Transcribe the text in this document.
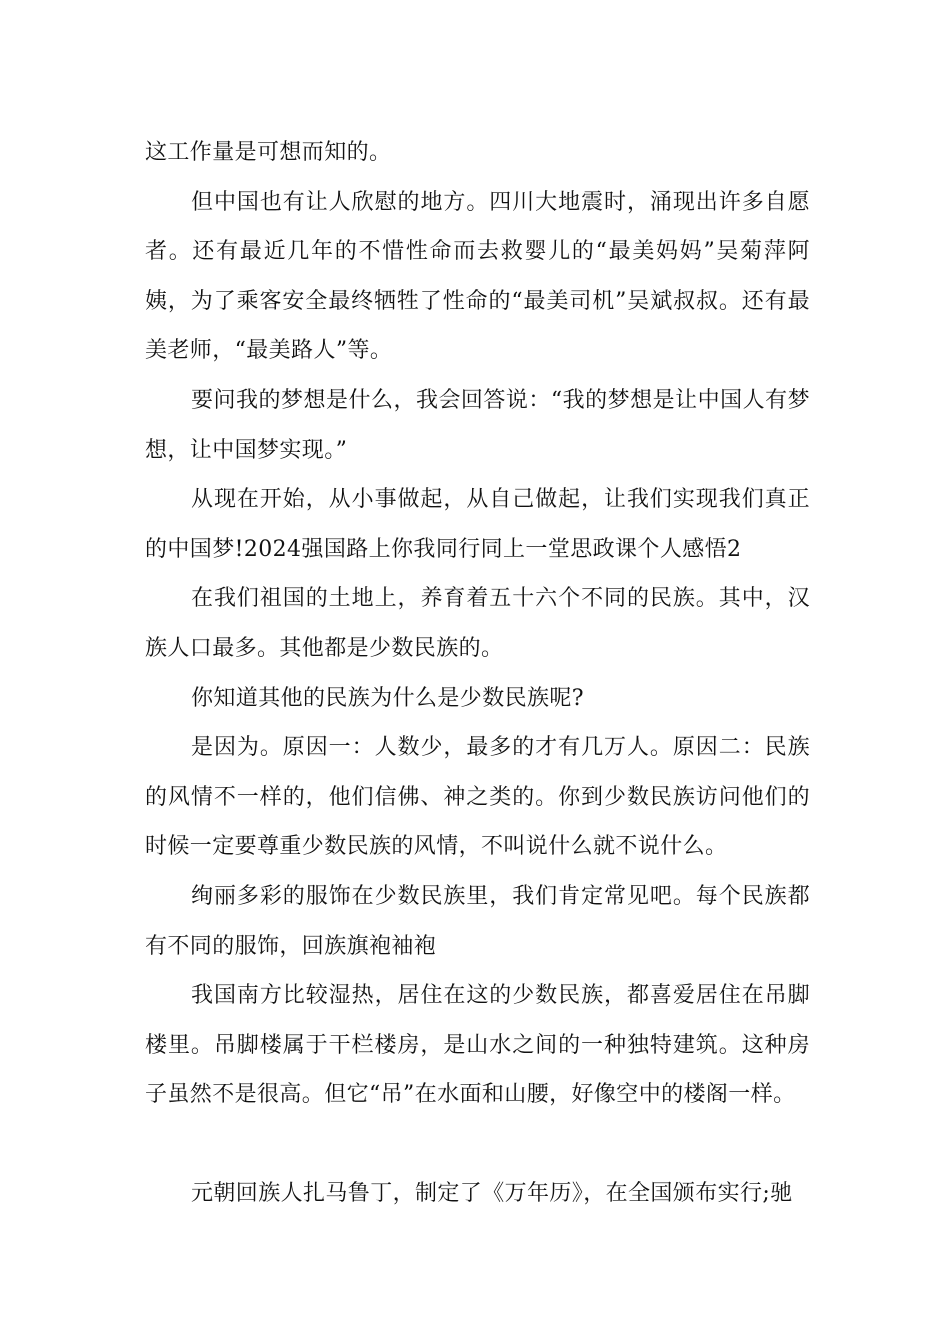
这工作量是可想而知的。

但中国也有让人欣慰的地方。四川大地震时，涌现出许多自愿者。还有最近几年的不惜性命而去救婴儿的“最美妈妈”吴菊萍阿姨，为了乘客安全最终牺牲了性命的“最美司机”吴斌叔叔。还有最美老师，“最美路人”等。

要问我的梦想是什么，我会回答说：“我的梦想是让中国人有梦想，让中国梦实现。”

从现在开始，从小事做起，从自己做起，让我们实现我们真正的中国梦!2024强国路上你我同行同上一堂思政课个人感悟2

在我们祖国的土地上，养育着五十六个不同的民族。其中，汉族人口最多。其他都是少数民族的。

你知道其他的民族为什么是少数民族呢?

是因为。原因一：人数少，最多的才有几万人。原因二：民族的风情不一样的，他们信佛、神之类的。你到少数民族访问他们的时候一定要尊重少数民族的风情，不叫说什么就不说什么。

绚丽多彩的服饰在少数民族里，我们肯定常见吧。每个民族都有不同的服饰，回族旗袍袖袍

我国南方比较湿热，居住在这的少数民族，都喜爱居住在吊脚楼里。吊脚楼属于干栏楼房，是山水之间的一种独特建筑。这种房子虽然不是很高。但它“吊”在水面和山腰，好像空中的楼阁一样。

元朝回族人扎马鲁丁，制定了《万年历》，在全国颁布实行;驰
